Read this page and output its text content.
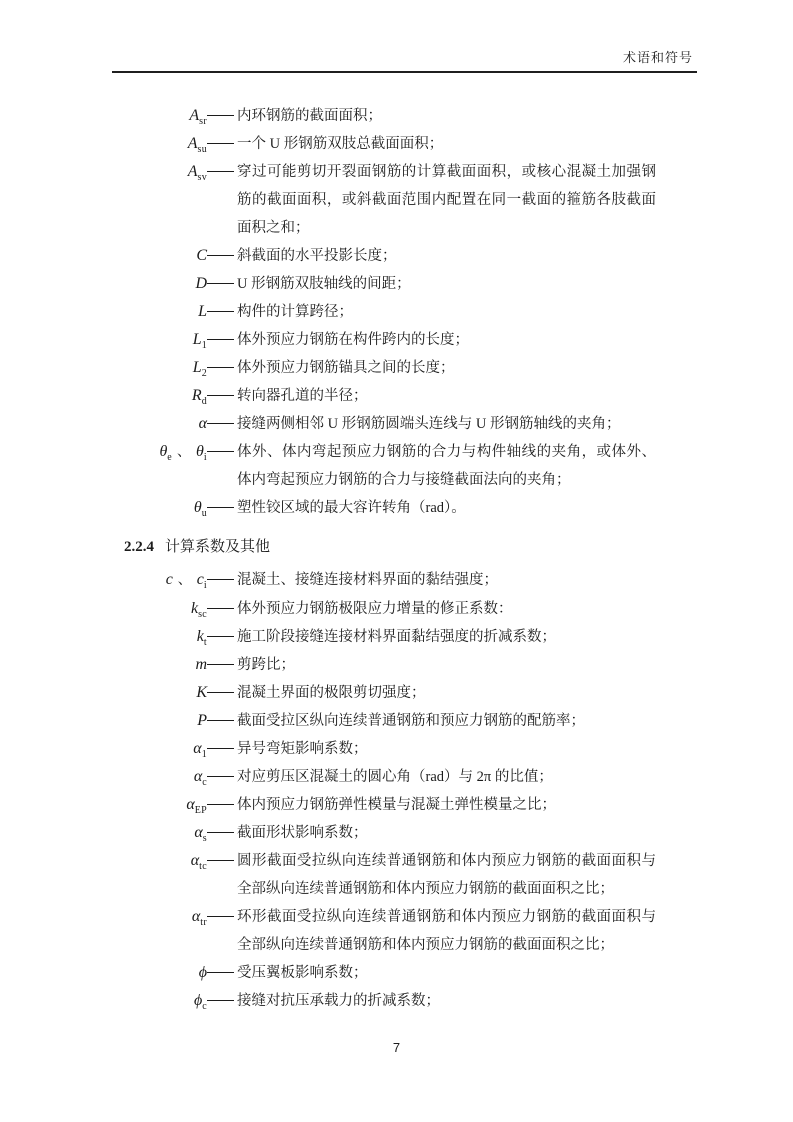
术语和符号
$A_{sr}$ 内环钢筋的截面面积；
$A_{su}$ 一个 U 形钢筋双肢总截面面积；
$A_{sv}$ 穿过可能剪切开裂面钢筋的计算截面面积，或核心混凝土加强钢筋的截面面积，或斜截面范围内配置在同一截面的箍筋各肢截面面积之和；
C 斜截面的水平投影长度；
D U 形钢筋双肢轴线的间距；
L 构件的计算跨径；
$L_1$ 体外预应力钢筋在构件跨内的长度；
$L_2$ 体外预应力钢筋锚具之间的长度；
$R_d$ 转向器孔道的半径；
α 接缝两侧相邻 U 形钢筋圆端头连线与 U 形钢筋轴线的夹角；
$\theta_e$ 、 $\theta_i$ 体外、体内弯起预应力钢筋的合力与构件轴线的夹角，或体外、体内弯起预应力钢筋的合力与接缝截面法向的夹角；
$\theta_u$ 塑性铰区域的最大容许转角（rad）。
2.2.4 计算系数及其他
c 、 $c_i$ 混凝土、接缝连接材料界面的黏结强度；
$k_{sc}$ 体外预应力钢筋极限应力增量的修正系数：
$k_t$ 施工阶段接缝连接材料界面黏结强度的折减系数；
m 剪跨比；
K 混凝土界面的极限剪切强度；
P 截面受拉区纵向连续普通钢筋和预应力钢筋的配筋率；
$\alpha_1$ 异号弯矩影响系数；
$\alpha_c$ 对应剪压区混凝土的圆心角（rad）与 2π 的比值；
$\alpha_{EP}$ 体内预应力钢筋弹性模量与混凝土弹性模量之比；
$\alpha_s$ 截面形状影响系数；
$\alpha_{tc}$ 圆形截面受拉纵向连续普通钢筋和体内预应力钢筋的截面面积与全部纵向连续普通钢筋和体内预应力钢筋的截面面积之比；
$\alpha_{tr}$ 环形截面受拉纵向连续普通钢筋和体内预应力钢筋的截面面积与全部纵向连续普通钢筋和体内预应力钢筋的截面面积之比；
ϕ 受压翼板影响系数；
$\phi_c$ 接缝对抗压承载力的折减系数；
7
